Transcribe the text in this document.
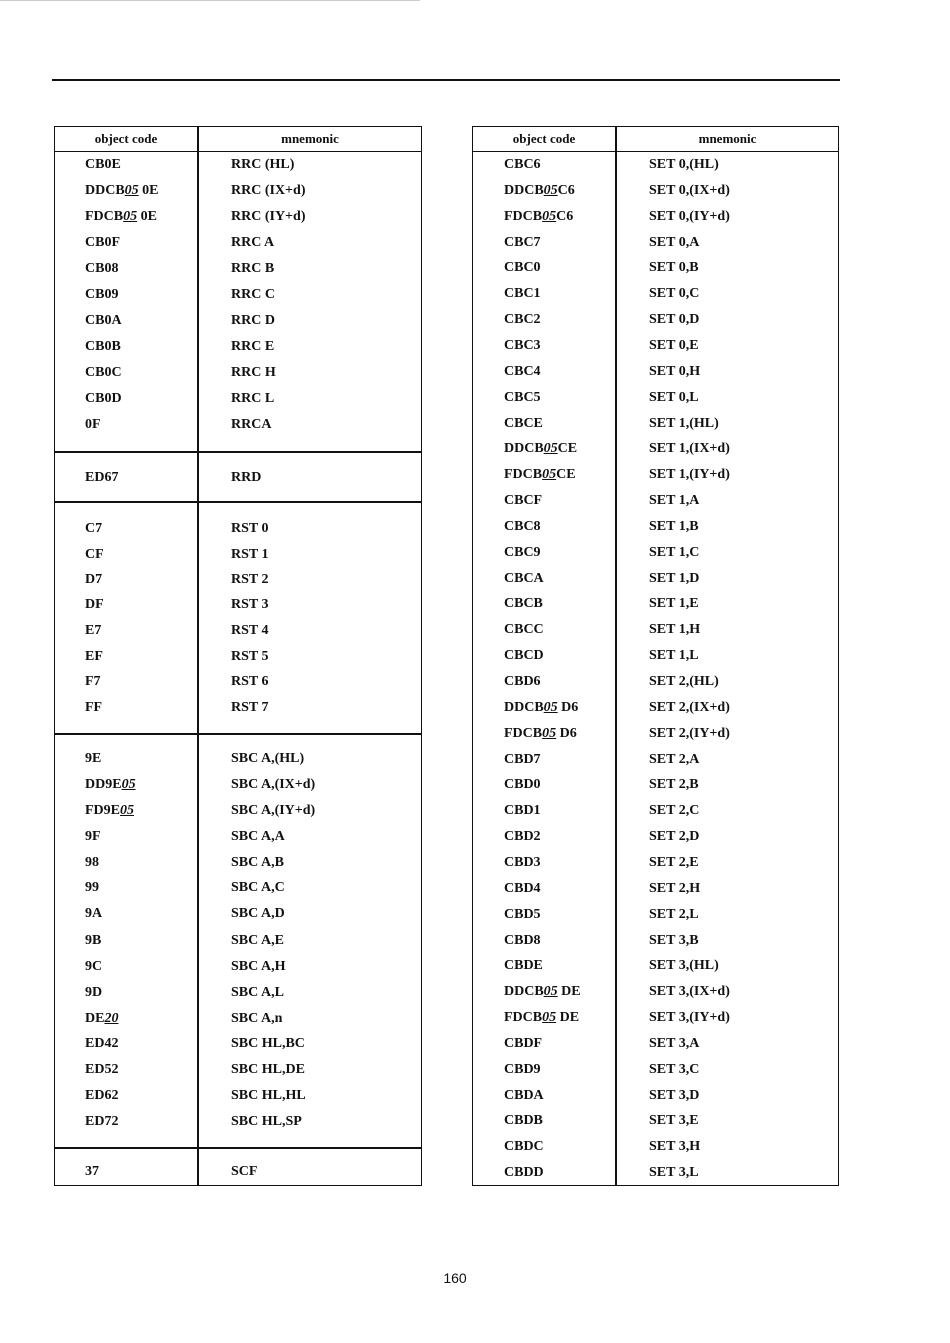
object code	mnemonic
CB0E	RRC (HL)
DDCB05 0E	RRC (IX+d)
FDCB05 0E	RRC (IY+d)
CB0F	RRC A
CB08	RRC B
CB09	RRC C
CB0A	RRC D
CB0B	RRC E
CB0C	RRC H
CB0D	RRC L
0F	RRCA
ED67	RRD
C7	RST 0
CF	RST 1
D7	RST 2
DF	RST 3
E7	RST 4
EF	RST 5
F7	RST 6
FF	RST 7
9E	SBC A,(HL)
DD9E05	SBC A,(IX+d)
FD9E05	SBC A,(IY+d)
9F	SBC A,A
98	SBC A,B
99	SBC A,C
9A	SBC A,D
9B	SBC A,E
9C	SBC A,H
9D	SBC A,L
DE20	SBC A,n
ED42	SBC HL,BC
ED52	SBC HL,DE
ED62	SBC HL,HL
ED72	SBC HL,SP
37	SCF
object code	mnemonic
CBC6	SET 0,(HL)
DDCB05C6	SET 0,(IX+d)
FDCB05C6	SET 0,(IY+d)
CBC7	SET 0,A
CBC0	SET 0,B
CBC1	SET 0,C
CBC2	SET 0,D
CBC3	SET 0,E
CBC4	SET 0,H
CBC5	SET 0,L
CBCE	SET 1,(HL)
DDCB05CE	SET 1,(IX+d)
FDCB05CE	SET 1,(IY+d)
CBCF	SET 1,A
CBC8	SET 1,B
CBC9	SET 1,C
CBCA	SET 1,D
CBCB	SET 1,E
CBCC	SET 1,H
CBCD	SET 1,L
CBD6	SET 2,(HL)
DDCB05 D6	SET 2,(IX+d)
FDCB05 D6	SET 2,(IY+d)
CBD7	SET 2,A
CBD0	SET 2,B
CBD1	SET 2,C
CBD2	SET 2,D
CBD3	SET 2,E
CBD4	SET 2,H
CBD5	SET 2,L
CBD8	SET 3,B
CBDE	SET 3,(HL)
DDCB05 DE	SET 3,(IX+d)
FDCB05 DE	SET 3,(IY+d)
CBDF	SET 3,A
CBD9	SET 3,C
CBDA	SET 3,D
CBDB	SET 3,E
CBDC	SET 3,H
CBDD	SET 3,L
160
